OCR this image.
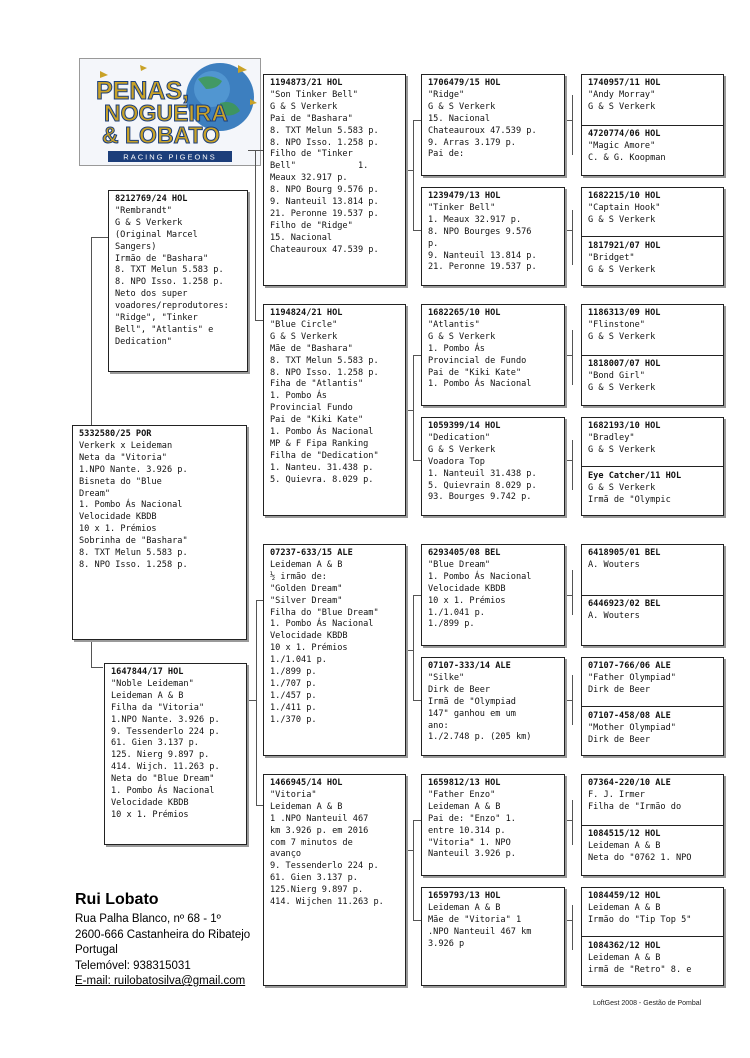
PENAS,
NOGUEIRA
& LOBATO
RACING PIGEONS
5332580/25 POR
Verkerk x Leideman
Neta da "Vitoria"
1.NPO Nante. 3.926 p.
Bisneta do "Blue
Dream"
1. Pombo Ás Nacional
Velocidade KBDB
10 x 1. Prémios
Sobrinha de "Bashara"
8. TXT Melun 5.583 p.
8. NPO Isso. 1.258 p.
8212769/24 HOL
"Rembrandt"
G & S Verkerk
(Original Marcel
Sangers)
Irmão de "Bashara"
8. TXT Melun 5.583 p.
8. NPO Isso. 1.258 p.
Neto dos super
voadores/reprodutores:
"Ridge", "Tinker
Bell", "Atlantis" e
Dedication"
1647844/17 HOL
"Noble Leideman"
Leideman A & B
Filha da "Vitoria"
1.NPO Nante. 3.926 p.
9. Tessenderlo 224 p.
61. Gien 3.137 p.
125. Nierg 9.897 p.
414. Wijch. 11.263 p.
Neta do "Blue Dream"
1. Pombo Ás Nacional
Velocidade KBDB
10 x 1. Prémios
1194873/21 HOL
"Son Tinker Bell"
G & S Verkerk
Pai de "Bashara"
8. TXT Melun 5.583 p.
8. NPO Isso. 1.258 p.
Filho de "Tinker
Bell"            1.
Meaux 32.917 p.
8. NPO Bourg 9.576 p.
9. Nanteuil 13.814 p.
21. Peronne 19.537 p.
Filho de "Ridge"
15. Nacional
Chateauroux 47.539 p.
1194824/21 HOL
"Blue Circle"
G & S Verkerk
Mãe de "Bashara"
8. TXT Melun 5.583 p.
8. NPO Isso. 1.258 p.
Fiha de "Atlantis"
1. Pombo Ás
Provincial Fundo
Pai de "Kiki Kate"
1. Pombo Ás Nacional
MP & F Fipa Ranking
Filha de "Dedication"
1. Nanteu. 31.438 p.
5. Quievra. 8.029 p.
07237-633/15 ALE
Leideman A & B
½ irmão de:
"Golden Dream"
"Silver Dream"
Filha do "Blue Dream"
1. Pombo Ás Nacional
Velocidade KBDB
10 x 1. Prémios
1./1.041 p.
1./899 p.
1./707 p.
1./457 p.
1./411 p.
1./370 p.
1466945/14 HOL
"Vitoria"
Leideman A & B
1 .NPO Nanteuil 467
km 3.926 p. em 2016
com 7 minutos de
avanço
9. Tessenderlo 224 p.
61. Gien 3.137 p.
125.Nierg 9.897 p.
414. Wijchen 11.263 p.
1706479/15 HOL
"Ridge"
G & S Verkerk
15. Nacional
Chateauroux 47.539 p.
9. Arras 3.179 p.
Pai de:
1239479/13 HOL
"Tinker Bell"
1. Meaux 32.917 p.
8. NPO Bourges 9.576
p.
9. Nanteuil 13.814 p.
21. Peronne 19.537 p.
1682265/10 HOL
"Atlantis"
G & S Verkerk
1. Pombo Ás
Provincial de Fundo
Pai de "Kiki Kate"
1. Pombo Ás Nacional
1059399/14 HOL
"Dedication"
G & S Verkerk
Voadora Top
1. Nanteuil 31.438 p.
5. Quievrain 8.029 p.
93. Bourges 9.742 p.
6293405/08 BEL
"Blue Dream"
1. Pombo Ás Nacional
Velocidade KBDB
10 x 1. Prémios
1./1.041 p.
1./899 p.
07107-333/14 ALE
"Silke"
Dirk de Beer
Irmã de "Olympiad
147" ganhou em um
ano:
1./2.748 p. (205 km)
1659812/13 HOL
"Father Enzo"
Leideman A & B
Pai de: "Enzo" 1.
entre 10.314 p.
"Vitoria" 1. NPO
Nanteuil 3.926 p.
1659793/13 HOL
Leideman A & B
Mãe de "Vitoria" 1
.NPO Nanteuil 467 km
3.926 p
1740957/11 HOL
"Andy Morray"
G & S Verkerk
4720774/06 HOL
"Magic Amore"
C. & G. Koopman
1682215/10 HOL
"Captain Hook"
G & S Verkerk
1817921/07 HOL
"Bridget"
G & S Verkerk
1186313/09 HOL
"Flinstone"
G & S Verkerk
1818007/07 HOL
"Bond Girl"
G & S Verkerk
1682193/10 HOL
"Bradley"
G & S Verkerk
Eye Catcher/11 HOL
G & S Verkerk
Irmã de "Olympic
6418905/01 BEL
A. Wouters
6446923/02 BEL
A. Wouters
07107-766/06 ALE
"Father Olympiad"
Dirk de Beer
07107-458/08 ALE
"Mother Olympiad"
Dirk de Beer
07364-220/10 ALE
F. J. Irmer
Filha de "Irmão do
1084515/12 HOL
Leideman A & B
Neta do "0762 1. NPO
1084459/12 HOL
Leideman A & B
Irmão do "Tip Top 5"
1084362/12 HOL
Leideman A & B
irmã de "Retro" 8. e
Rui Lobato
Rua Palha Blanco, nº 68 - 1º
2600-666 Castanheira do Ribatejo
Portugal
Telemóvel: 938315031
E-mail: ruilobatosilva@gmail.com
LoftGest 2008 - Gestão de Pombal
